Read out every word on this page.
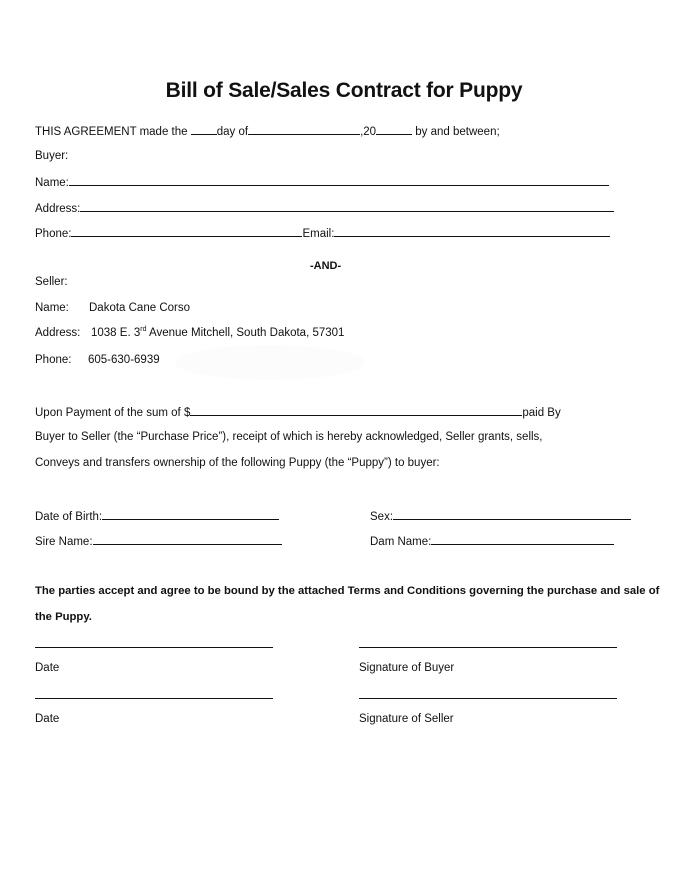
Bill of Sale/Sales Contract for Puppy
THIS AGREEMENT made the day of	,20	by and between;
Buyer:
Name:
Address:
Phone:	Email:
-AND-
Seller:
Name: Dakota Cane Corso
Address: 1038 E. 3rd Avenue Mitchell, South Dakota, 57301
Phone: 605-630-6939
Upon Payment of the sum of $	paid By
Buyer to Seller (the “Purchase Price”), receipt of which is hereby acknowledged, Seller grants, sells,
Conveys and transfers ownership of the following Puppy (the “Puppy”) to buyer:
Date of Birth:	Sex:
Sire Name:	Dam Name:
The parties accept and agree to be bound by the attached Terms and Conditions governing the purchase and sale of
the Puppy.
Date	Signature of Buyer
Date	Signature of Seller
